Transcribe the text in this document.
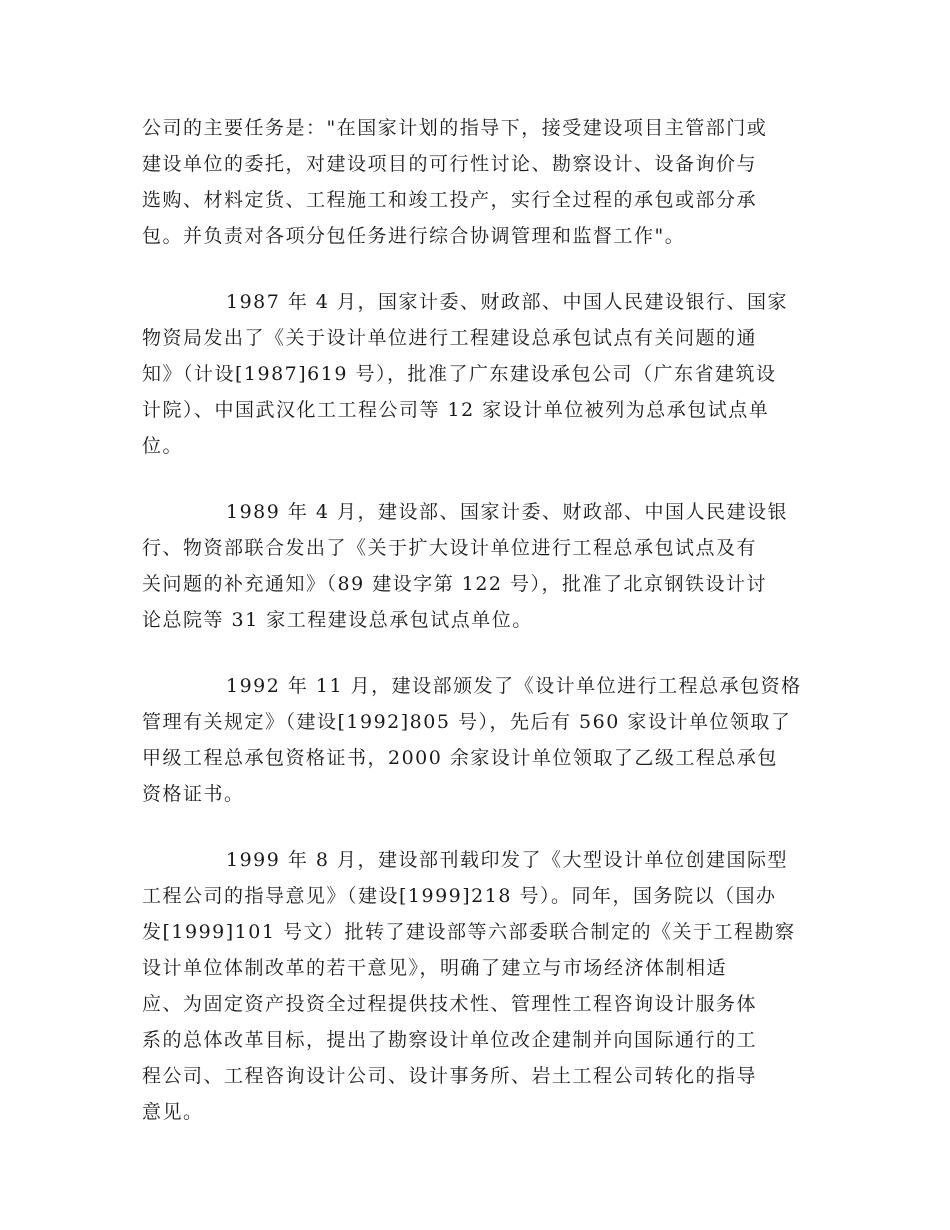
公司的主要任务是："在国家计划的指导下，接受建设项目主管部门或
建设单位的委托，对建设项目的可行性讨论、勘察设计、设备询价与
选购、材料定货、工程施工和竣工投产，实行全过程的承包或部分承
包。并负责对各项分包任务进行综合协调管理和监督工作"。

1987 年 4 月，国家计委、财政部、中国人民建设银行、国家
物资局发出了《关于设计单位进行工程建设总承包试点有关问题的通
知》（计设[1987]619 号），批准了广东建设承包公司（广东省建筑设
计院）、中国武汉化工工程公司等 12 家设计单位被列为总承包试点单
位。

1989 年 4 月，建设部、国家计委、财政部、中国人民建设银
行、物资部联合发出了《关于扩大设计单位进行工程总承包试点及有
关问题的补充通知》（89 建设字第 122 号），批准了北京钢铁设计讨
论总院等 31 家工程建设总承包试点单位。

1992 年 11 月，建设部颁发了《设计单位进行工程总承包资格
管理有关规定》（建设[1992]805 号），先后有 560 家设计单位领取了
甲级工程总承包资格证书，2000 余家设计单位领取了乙级工程总承包
资格证书。

1999 年 8 月，建设部刊载印发了《大型设计单位创建国际型
工程公司的指导意见》（建设[1999]218 号）。同年，国务院以（国办
发[1999]101 号文）批转了建设部等六部委联合制定的《关于工程勘察
设计单位体制改革的若干意见》，明确了建立与市场经济体制相适
应、为固定资产投资全过程提供技术性、管理性工程咨询设计服务体
系的总体改革目标，提出了勘察设计单位改企建制并向国际通行的工
程公司、工程咨询设计公司、设计事务所、岩土工程公司转化的指导
意见。
